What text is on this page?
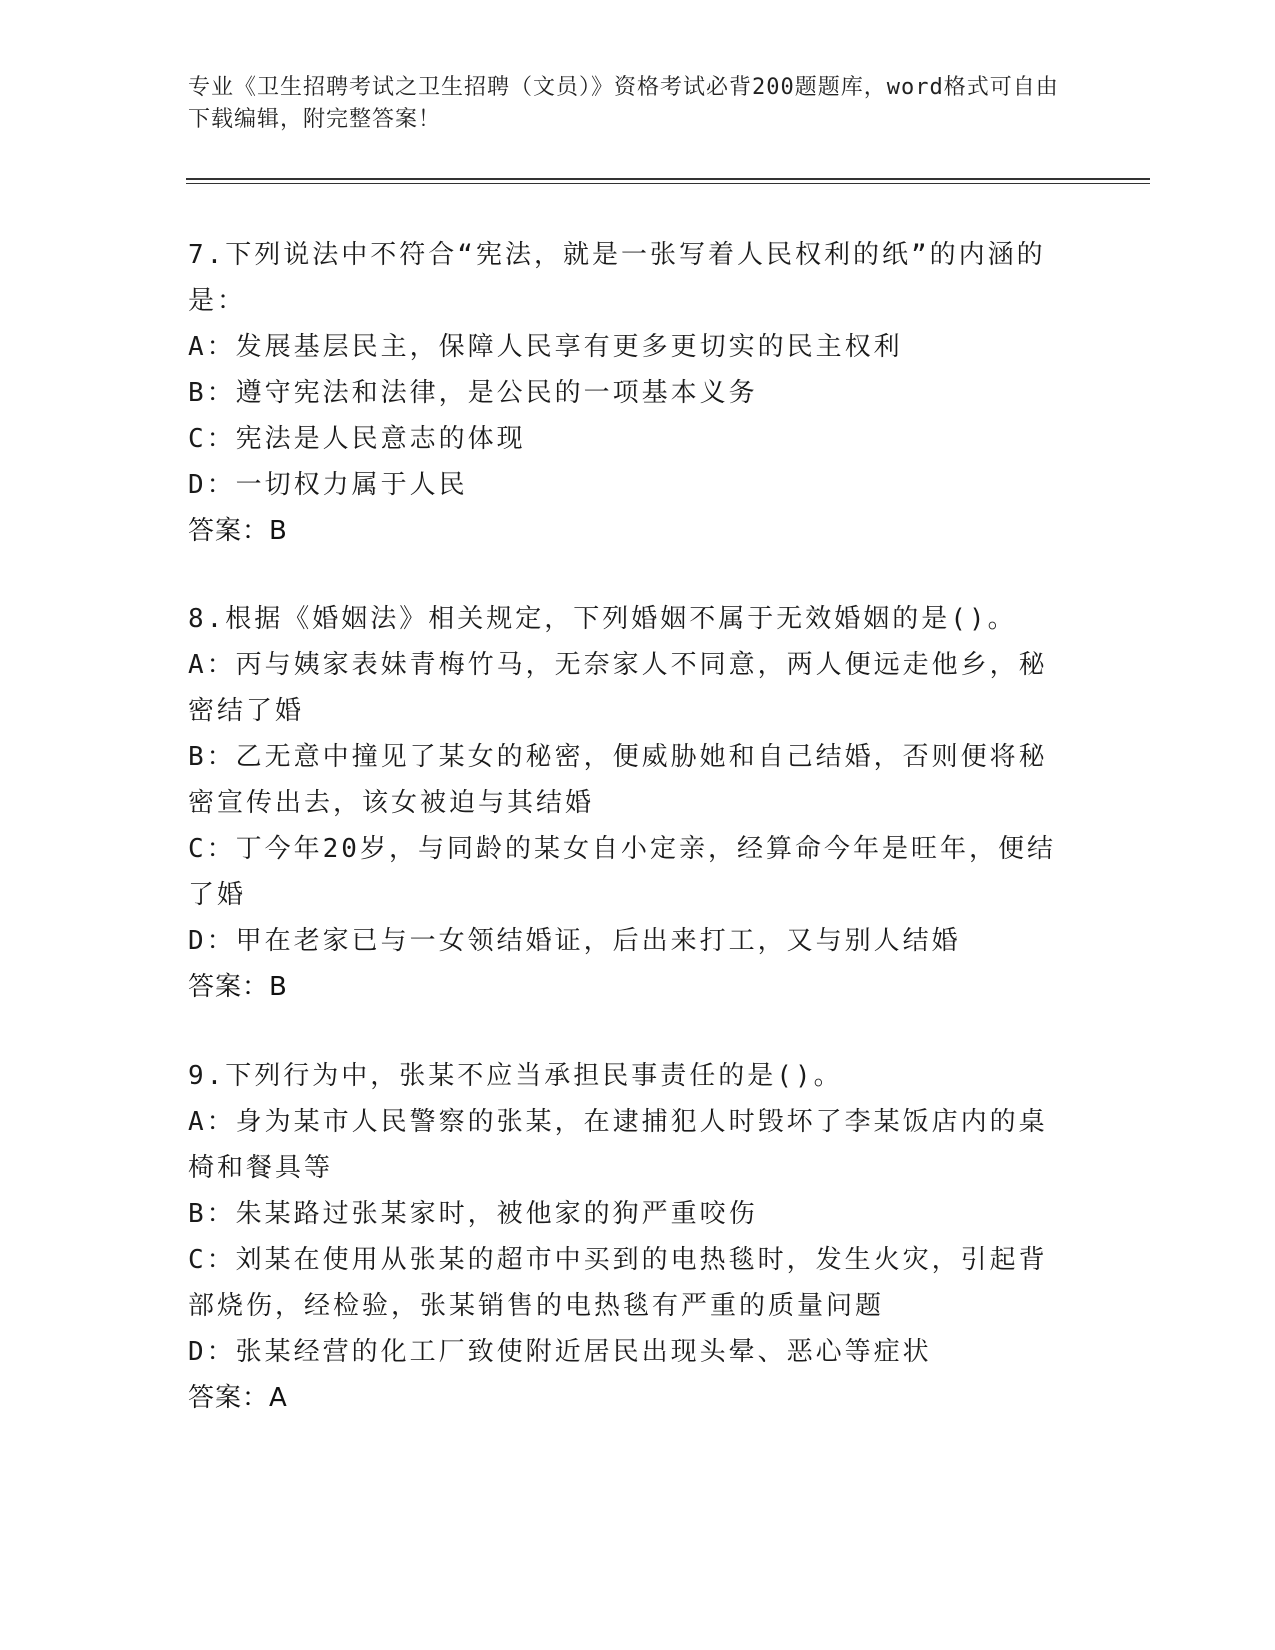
专业《卫生招聘考试之卫生招聘（文员）》资格考试必背200题题库，word格式可自由下载编辑，附完整答案！

7.下列说法中不符合“宪法，就是一张写着人民权利的纸”的内涵的是：

A：发展基层民主，保障人民享有更多更切实的民主权利

B：遵守宪法和法律，是公民的一项基本义务

C：宪法是人民意志的体现

D：一切权力属于人民

答案：B

8.根据《婚姻法》相关规定，下列婚姻不属于无效婚姻的是()。

A：丙与姨家表妹青梅竹马，无奈家人不同意，两人便远走他乡，秘密结了婚

B：乙无意中撞见了某女的秘密，便威胁她和自己结婚，否则便将秘密宣传出去，该女被迫与其结婚

C：丁今年20岁，与同龄的某女自小定亲，经算命今年是旺年，便结了婚

D：甲在老家已与一女领结婚证，后出来打工，又与别人结婚

答案：B

9.下列行为中，张某不应当承担民事责任的是()。

A：身为某市人民警察的张某，在逮捕犯人时毁坏了李某饭店内的桌椅和餐具等

B：朱某路过张某家时，被他家的狗严重咬伤

C：刘某在使用从张某的超市中买到的电热毯时，发生火灾，引起背部烧伤，经检验，张某销售的电热毯有严重的质量问题

D：张某经营的化工厂致使附近居民出现头晕、恶心等症状

答案：A
